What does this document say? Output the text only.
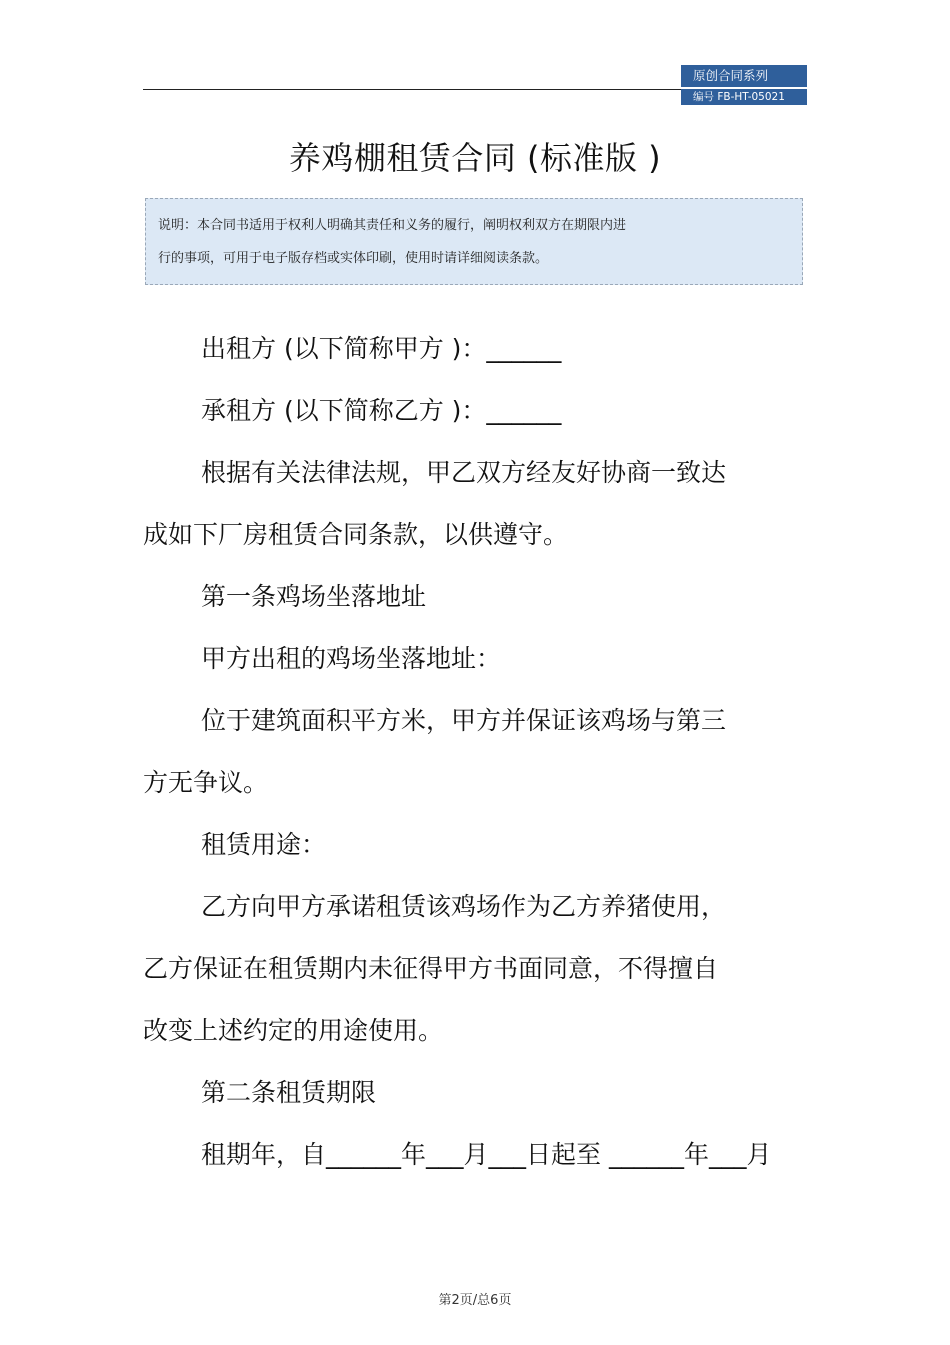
原创合同系列
编号 FB-HT-05021
养鸡棚租赁合同 (标准版 )
说明：本合同书适用于权利人明确其责任和义务的履行，阐明权利双方在期限内进
行的事项，可用于电子版存档或实体印刷，使用时请详细阅读条款。

出租方 (以下简称甲方 )：______

承租方 (以下简称乙方 )：______

根据有关法律法规，甲乙双方经友好协商一致达

成如下厂房租赁合同条款，以供遵守。

第一条鸡场坐落地址

甲方出租的鸡场坐落地址：

位于建筑面积平方米，甲方并保证该鸡场与第三

方无争议。

租赁用途：

乙方向甲方承诺租赁该鸡场作为乙方养猪使用，

乙方保证在租赁期内未征得甲方书面同意，不得擅自

改变上述约定的用途使用。

第二条租赁期限

租期年，自______年___月___日起至 ______年___月

第2页/总6页
